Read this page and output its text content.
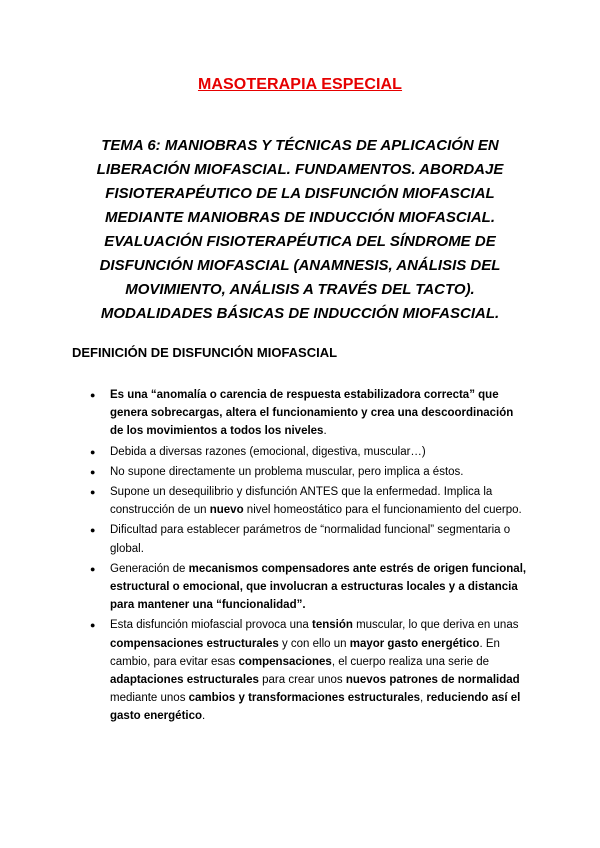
MASOTERAPIA ESPECIAL

TEMA 6: MANIOBRAS Y TÉCNICAS DE APLICACIÓN EN LIBERACIÓN MIOFASCIAL. FUNDAMENTOS. ABORDAJE FISIOTERAPÉUTICO DE LA DISFUNCIÓN MIOFASCIAL MEDIANTE MANIOBRAS DE INDUCCIÓN MIOFASCIAL. EVALUACIÓN FISIOTERAPÉUTICA DEL SÍNDROME DE DISFUNCIÓN MIOFASCIAL (ANAMNESIS, ANÁLISIS DEL MOVIMIENTO, ANÁLISIS A TRAVÉS DEL TACTO). MODALIDADES BÁSICAS DE INDUCCIÓN MIOFASCIAL.

DEFINICIÓN DE DISFUNCIÓN MIOFASCIAL
● Es una “anomalía o carencia de respuesta estabilizadora correcta” que genera sobrecargas, altera el funcionamiento y crea una descoordinación de los movimientos a todos los niveles.
● Debida a diversas razones (emocional, digestiva, muscular…)
● No supone directamente un problema muscular, pero implica a éstos.
● Supone un desequilibrio y disfunción ANTES que la enfermedad. Implica la construcción de un nuevo nivel homeostático para el funcionamiento del cuerpo.
● Dificultad para establecer parámetros de “normalidad funcional” segmentaria o global.
● Generación de mecanismos compensadores ante estrés de origen funcional, estructural o emocional, que involucran a estructuras locales y a distancia para mantener una “funcionalidad”.
● Esta disfunción miofascial provoca una tensión muscular, lo que deriva en unas compensaciones estructurales y con ello un mayor gasto energético. En cambio, para evitar esas compensaciones, el cuerpo realiza una serie de adaptaciones estructurales para crear unos nuevos patrones de normalidad mediante unos cambios y transformaciones estructurales, reduciendo así el gasto energético.
